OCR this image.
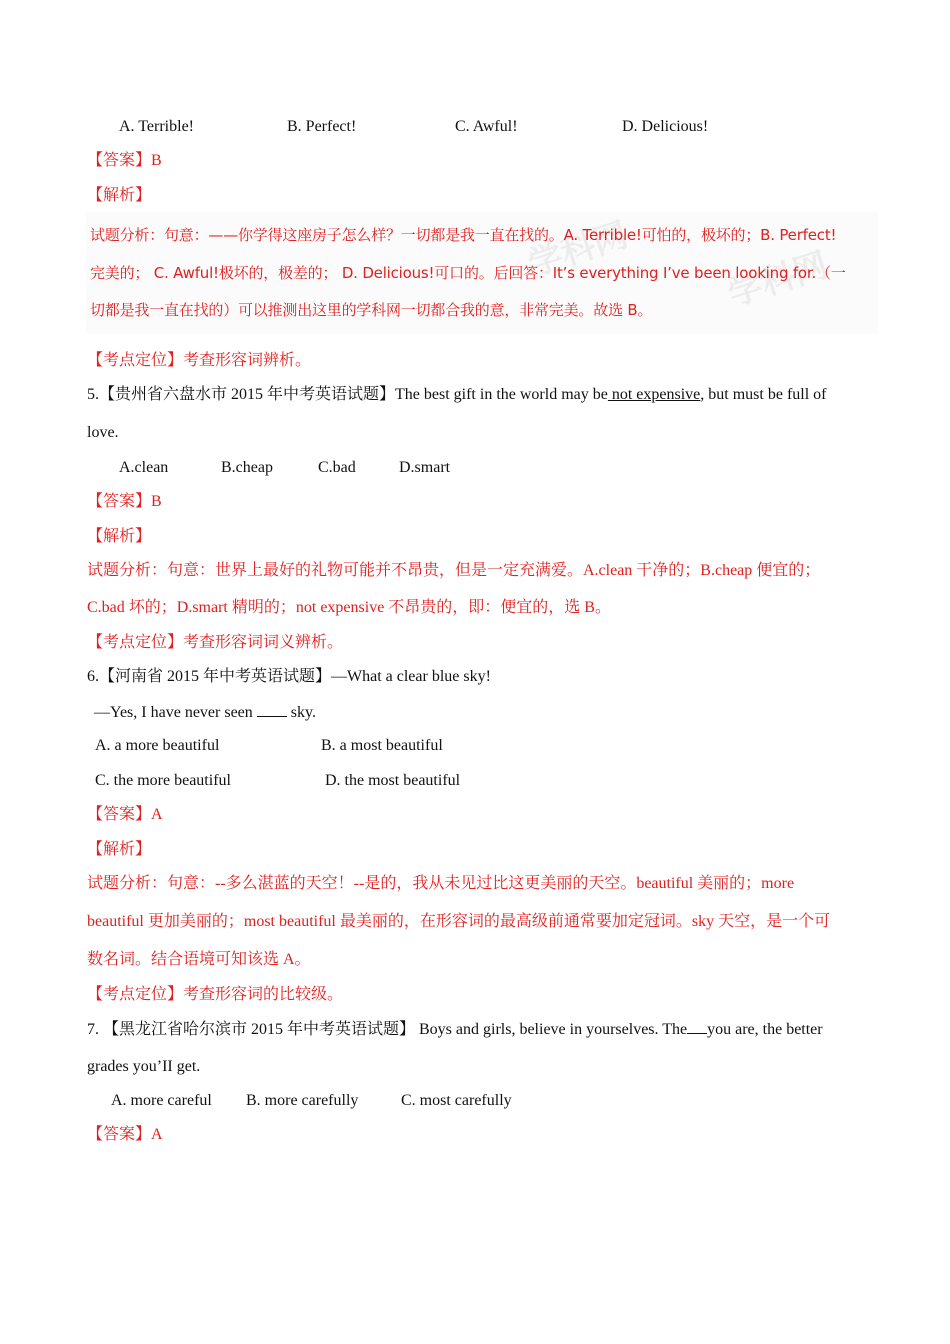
A. Terrible!	B. Perfect!	C. Awful!	D. Delicious!
【答案】B
【解析】
学科网	学科网
试题分析：句意：——你学得这座房子怎么样？一切都是我一直在找的。A. Terrible!可怕的，极坏的；B. Perfect!
完美的； C. Awful!极坏的，极差的； D. Delicious!可口的。后回答：It’s everything I’ve been looking for.（一
切都是我一直在找的）可以推测出这里的学科网一切都合我的意，非常完美。故选 B。
【考点定位】考查形容词辨析。
5.【贵州省六盘水市 2015 年中考英语试题】The best gift in the world may be not expensive, but must be full of
love.
A.clean	B.cheap	C.bad	D.smart
【答案】B
【解析】
试题分析：句意：世界上最好的礼物可能并不昂贵，但是一定充满爱。A.clean 干净的；B.cheap 便宜的；
C.bad 坏的；D.smart 精明的；not expensive 不昂贵的，即：便宜的，选 B。
【考点定位】考查形容词词义辨析。
6.【河南省 2015 年中考英语试题】—What a clear blue sky!
—Yes, I have never seen  sky.
A. a more beautiful	B. a most beautiful
C. the more beautiful	D. the most beautiful
【答案】A
【解析】
试题分析：句意：--多么湛蓝的天空！--是的，我从未见过比这更美丽的天空。beautiful 美丽的；more
beautiful 更加美丽的；most beautiful 最美丽的，在形容词的最高级前通常要加定冠词。sky 天空，是一个可
数名词。结合语境可知该选 A。
【考点定位】考查形容词的比较级。
7. 【黑龙江省哈尔滨市 2015 年中考英语试题】 Boys and girls, believe in yourselves. The you are, the better
grades you’II get.
A. more careful B. more carefully	C. most carefully
【答案】A
